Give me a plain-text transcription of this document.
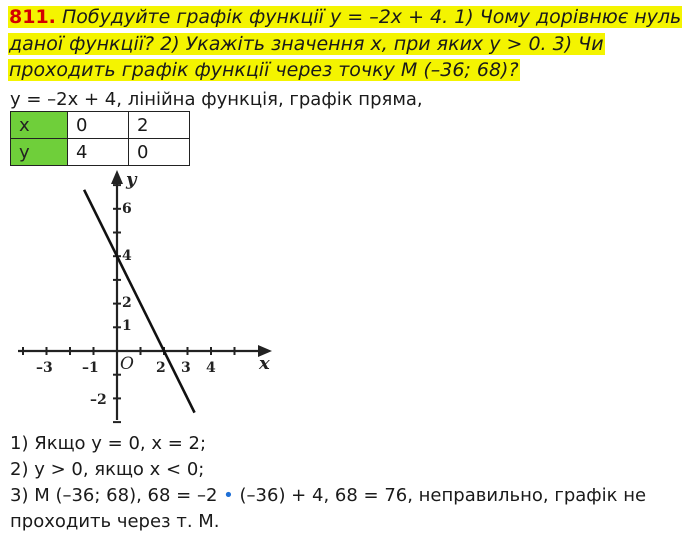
811. Побудуйте графік функції y = –2x + 4. 1) Чому дорівнює нуль даної функції? 2) Укажіть значення x, при яких y > 0. 3) Чи проходить графік функції через точку M (–36; 68)?
y = –2x + 4, лінійна функція, графік пряма,
x	0	2
y	4	0
–3 –1	2 3 4
6
4
2
1
–2
O	x
y
1) Якщо y = 0, x = 2;
2) y > 0, якщо x < 0;
3) M (–36; 68), 68 = –2 • (–36) + 4, 68 = 76, неправильно, графік не
проходить через т. М.
